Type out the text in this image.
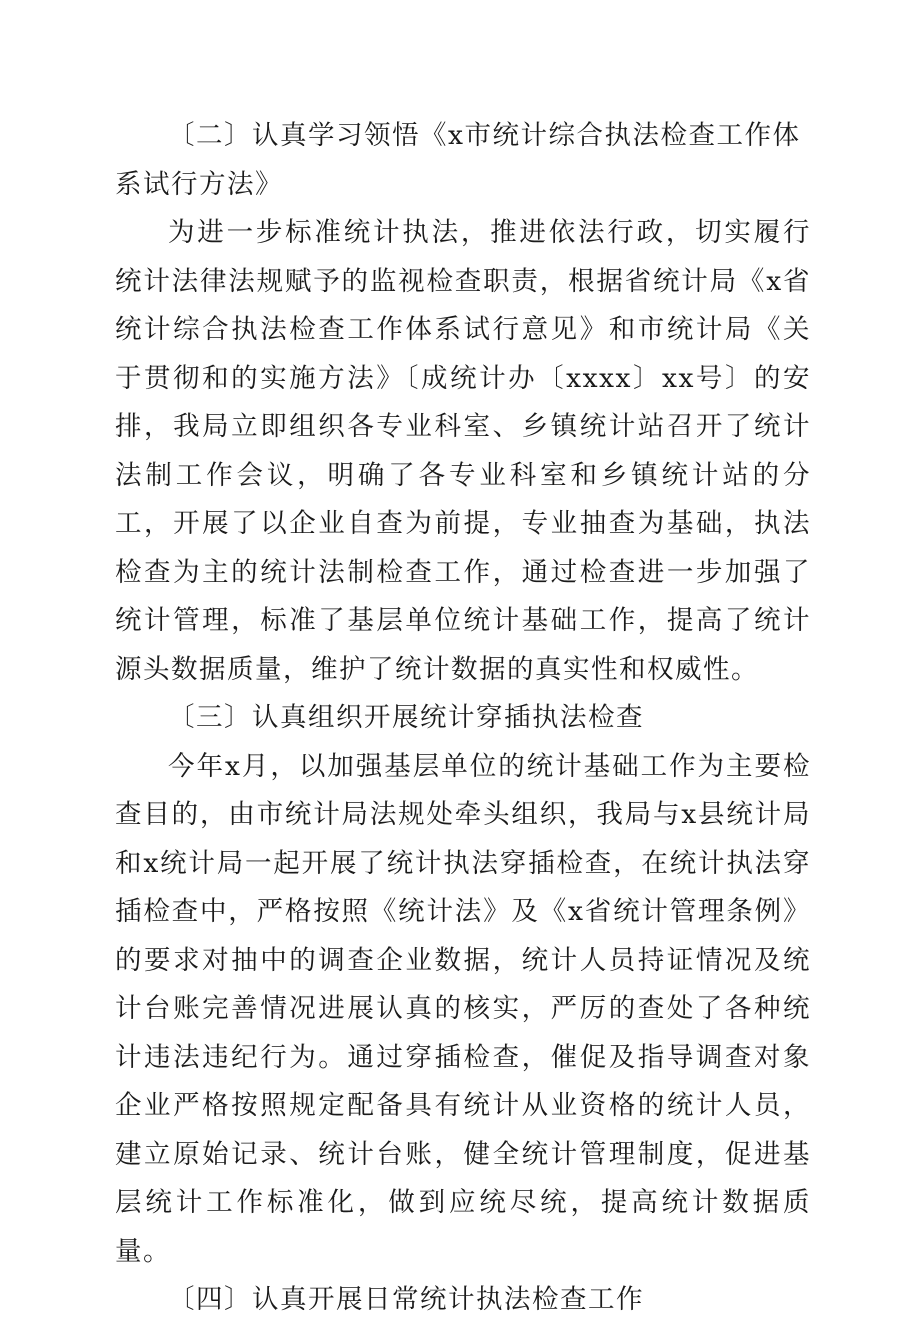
〔二〕认真学习领悟《x市统计综合执法检查工作体系试行方法》

为进一步标准统计执法，推进依法行政，切实履行统计法律法规赋予的监视检查职责，根据省统计局《x省统计综合执法检查工作体系试行意见》和市统计局《关于贯彻和的实施方法》〔成统计办〔xxxx〕xx号〕的安排，我局立即组织各专业科室、乡镇统计站召开了统计法制工作会议，明确了各专业科室和乡镇统计站的分工，开展了以企业自查为前提，专业抽查为基础，执法检查为主的统计法制检查工作，通过检查进一步加强了统计管理，标准了基层单位统计基础工作，提高了统计源头数据质量，维护了统计数据的真实性和权威性。

〔三〕认真组织开展统计穿插执法检查

今年x月，以加强基层单位的统计基础工作为主要检查目的，由市统计局法规处牵头组织，我局与x县统计局和x统计局一起开展了统计执法穿插检查，在统计执法穿插检查中，严格按照《统计法》及《x省统计管理条例》的要求对抽中的调查企业数据，统计人员持证情况及统计台账完善情况进展认真的核实，严厉的查处了各种统计违法违纪行为。通过穿插检查，催促及指导调查对象企业严格按照规定配备具有统计从业资格的统计人员，建立原始记录、统计台账，健全统计管理制度，促进基层统计工作标准化，做到应统尽统，提高统计数据质量。

〔四〕认真开展日常统计执法检查工作
